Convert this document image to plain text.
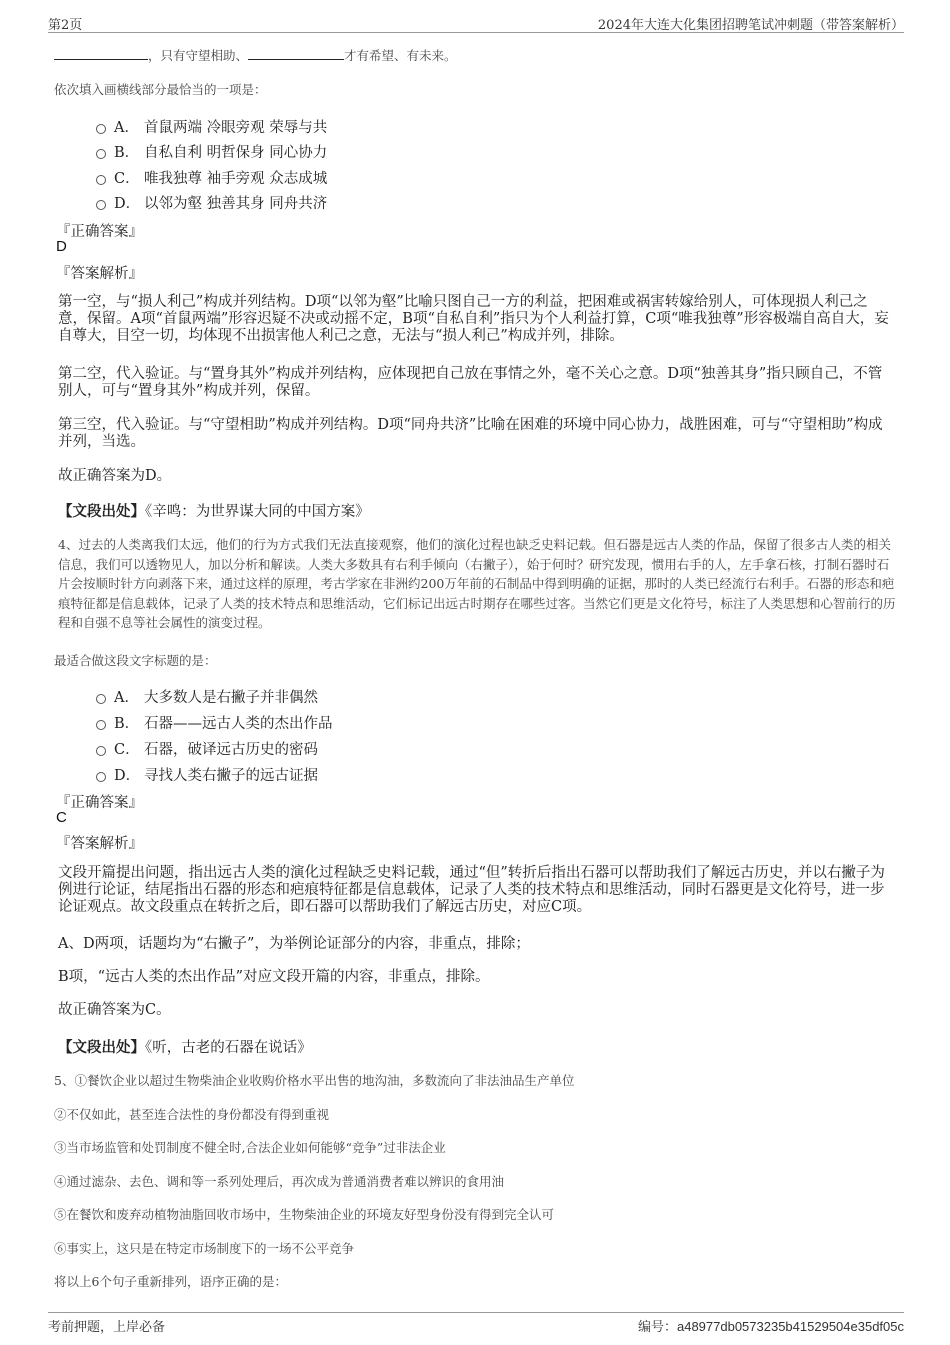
第2页	2024年大连大化集团招聘笔试冲刺题（带答案解析）
，只有守望相助、	才有希望、有未来。
依次填入画横线部分最恰当的一项是：
A． 首鼠两端 冷眼旁观 荣辱与共
B． 自私自利 明哲保身 同心协力
C． 唯我独尊 袖手旁观 众志成城
D． 以邻为壑 独善其身 同舟共济
『正确答案』
D
『答案解析』
第一空，与“损人利己”构成并列结构。D项“以邻为壑”比喻只图自己一方的利益，把困难或祸害转嫁给别人，可体现损人利己之意，保留。A项“首鼠两端”形容迟疑不决或动摇不定，B项“自私自利”指只为个人利益打算，C项“唯我独尊”形容极端自高自大，妄自尊大，目空一切，均体现不出损害他人利己之意，无法与“损人利己”构成并列，排除。
第二空，代入验证。与“置身其外”构成并列结构，应体现把自己放在事情之外，毫不关心之意。D项“独善其身”指只顾自己，不管别人，可与“置身其外”构成并列，保留。
第三空，代入验证。与“守望相助”构成并列结构。D项“同舟共济”比喻在困难的环境中同心协力，战胜困难，可与“守望相助”构成并列，当选。
故正确答案为D。
【文段出处】《辛鸣：为世界谋大同的中国方案》
4、过去的人类离我们太远，他们的行为方式我们无法直接观察，他们的演化过程也缺乏史料记载。但石器是远古人类的作品，保留了很多古人类的相关信息，我们可以透物见人，加以分析和解读。人类大多数具有右利手倾向（右撇子），始于何时？研究发现，惯用右手的人，左手拿石核，打制石器时石片会按顺时针方向剥落下来，通过这样的原理，考古学家在非洲约200万年前的石制品中得到明确的证据，那时的人类已经流行右利手。石器的形态和疤痕特征都是信息载体，记录了人类的技术特点和思维活动，它们标记出远古时期存在哪些过客。当然它们更是文化符号，标注了人类思想和心智前行的历程和自强不息等社会属性的演变过程。
最适合做这段文字标题的是：
A． 大多数人是右撇子并非偶然
B． 石器——远古人类的杰出作品
C． 石器，破译远古历史的密码
D． 寻找人类右撇子的远古证据
『正确答案』
C
『答案解析』
文段开篇提出问题，指出远古人类的演化过程缺乏史料记载，通过“但”转折后指出石器可以帮助我们了解远古历史，并以右撇子为例进行论证，结尾指出石器的形态和疤痕特征都是信息载体，记录了人类的技术特点和思维活动，同时石器更是文化符号，进一步论证观点。故文段重点在转折之后，即石器可以帮助我们了解远古历史，对应C项。
A、D两项，话题均为“右撇子”，为举例论证部分的内容，非重点，排除；
B项，“远古人类的杰出作品”对应文段开篇的内容，非重点，排除。
故正确答案为C。
【文段出处】《听，古老的石器在说话》
5、①餐饮企业以超过生物柴油企业收购价格水平出售的地沟油，多数流向了非法油品生产单位
②不仅如此，甚至连合法性的身份都没有得到重视
③当市场监管和处罚制度不健全时,合法企业如何能够“竞争”过非法企业
④通过滤杂、去色、调和等一系列处理后，再次成为普通消费者难以辨识的食用油
⑤在餐饮和废弃动植物油脂回收市场中，生物柴油企业的环境友好型身份没有得到完全认可
⑥事实上，这只是在特定市场制度下的一场不公平竞争
将以上6个句子重新排列，语序正确的是：
考前押题，上岸必备	编号：a48977db0573235b41529504e35df05c
